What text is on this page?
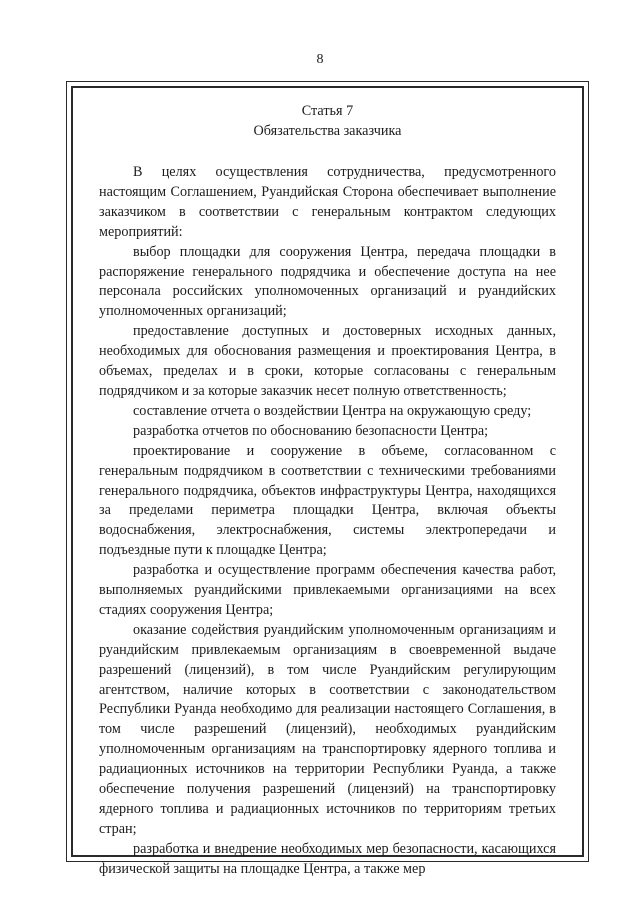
8
Статья 7
Обязательства заказчика

В целях осуществления сотрудничества, предусмотренного настоящим Соглашением, Руандийская Сторона обеспечивает выполнение заказчиком в соответствии с генеральным контрактом следующих мероприятий:

выбор площадки для сооружения Центра, передача площадки в распоряжение генерального подрядчика и обеспечение доступа на нее персонала российских уполномоченных организаций и руандийских уполномоченных организаций;

предоставление доступных и достоверных исходных данных, необходимых для обоснования размещения и проектирования Центра, в объемах, пределах и в сроки, которые согласованы с генеральным подрядчиком и за которые заказчик несет полную ответственность;

составление отчета о воздействии Центра на окружающую среду;

разработка отчетов по обоснованию безопасности Центра;

проектирование и сооружение в объеме, согласованном с генеральным подрядчиком в соответствии с техническими требованиями генерального подрядчика, объектов инфраструктуры Центра, находящихся за пределами периметра площадки Центра, включая объекты водоснабжения, электроснабжения, системы электропередачи и подъездные пути к площадке Центра;

разработка и осуществление программ обеспечения качества работ, выполняемых руандийскими привлекаемыми организациями на всех стадиях сооружения Центра;

оказание содействия руандийским уполномоченным организациям и руандийским привлекаемым организациям в своевременной выдаче разрешений (лицензий), в том числе Руандийским регулирующим агентством, наличие которых в соответствии с законодательством Республики Руанда необходимо для реализации настоящего Соглашения, в том числе разрешений (лицензий), необходимых руандийским уполномоченным организациям на транспортировку ядерного топлива и радиационных источников на территории Республики Руанда, а также обеспечение получения разрешений (лицензий) на транспортировку ядерного топлива и радиационных источников по территориям третьих стран;

разработка и внедрение необходимых мер безопасности, касающихся физической защиты на площадке Центра, а также мер
